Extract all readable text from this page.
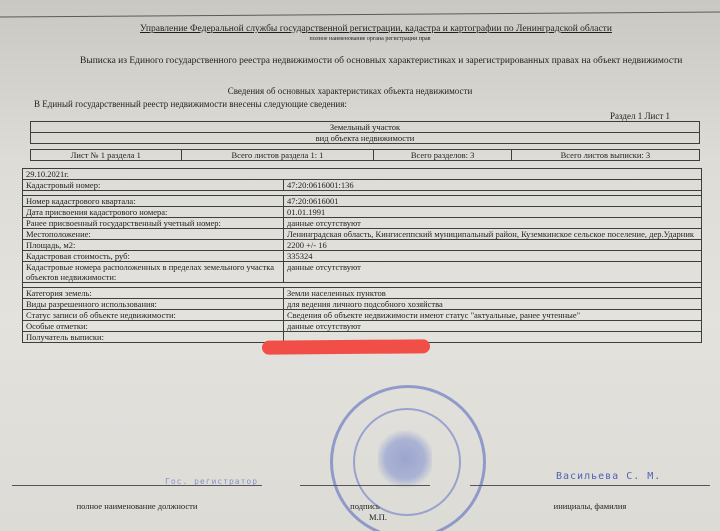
Управление Федеральной службы государственной регистрации, кадастра и картографии по Ленинградской области
полное наименование органа регистрации прав
Выписка из Единого государственного реестра недвижимости об основных характеристиках и зарегистрированных правах на объект недвижимости
Сведения об основных характеристиках объекта недвижимости
В Единый государственный реестр недвижимости внесены следующие сведения:
Раздел 1 Лист 1
Земельный участок
вид объекта недвижимости
Лист № 1 раздела 1	Всего листов раздела 1: 1	Всего разделов: 3	Всего листов выписки: 3
29.10.2021г.	
Кадастровый номер:	47:20:0616001:136

Номер кадастрового квартала:	47:20:0616001
Дата присвоения кадастрового номера:	01.01.1991
Ранее присвоенный государственный учетный номер:	данные отсутствуют
Местоположение:	Ленинградская область, Кингисеппский муниципальный район, Куземкинское сельское поселение, дер.Ударник
Площадь, м2:	2200 +/- 16
Кадастровая стоимость, руб:	335324
Кадастровые номера расположенных в пределах земельного участка объектов недвижимости:	данные отсутствуют

Категория земель:	Земли населенных пунктов
Виды разрешенного использования:	для ведения личного подсобного хозяйства
Статус записи об объекте недвижимости:	Сведения об объекте недвижимости имеют статус "актуальные, ранее учтенные"
Особые отметки:	данные отсутствуют
Получатель выписки:	
Гос. регистратор	Васильева С. М.
полное наименование должности	подпись	инициалы, фамилия
М.П.
